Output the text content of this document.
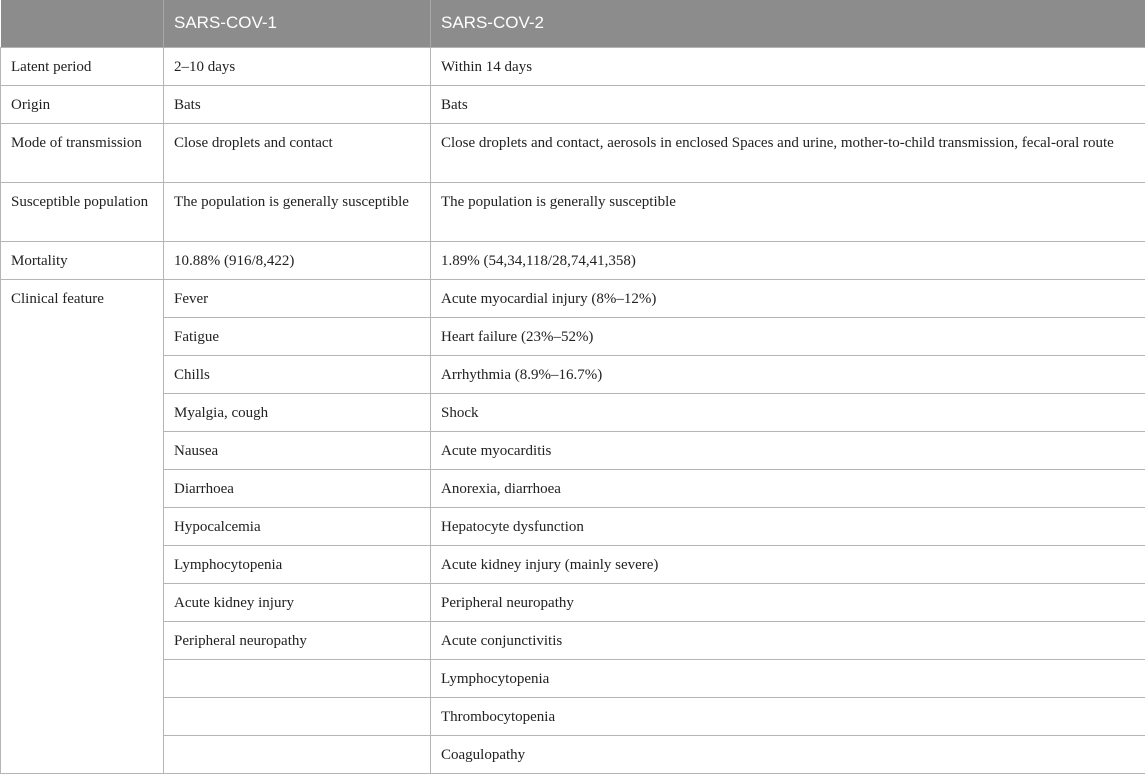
	SARS-COV-1	SARS-COV-2
Latent period	2–10 days	Within 14 days
Origin	Bats	Bats
Mode of transmission	Close droplets and contact	Close droplets and contact, aerosols in enclosed Spaces and urine, mother-to-child transmission, fecal-oral route
Susceptible population	The population is generally susceptible	The population is generally susceptible
Mortality	10.88% (916/8,422)	1.89% (54,34,118/28,74,41,358)
Clinical feature	Fever	Acute myocardial injury (8%–12%)
	Fatigue	Heart failure (23%–52%)
	Chills	Arrhythmia (8.9%–16.7%)
	Myalgia, cough	Shock
	Nausea	Acute myocarditis
	Diarrhoea	Anorexia, diarrhoea
	Hypocalcemia	Hepatocyte dysfunction
	Lymphocytopenia	Acute kidney injury (mainly severe)
	Acute kidney injury	Peripheral neuropathy
	Peripheral neuropathy	Acute conjunctivitis
		Lymphocytopenia
		Thrombocytopenia
		Coagulopathy
